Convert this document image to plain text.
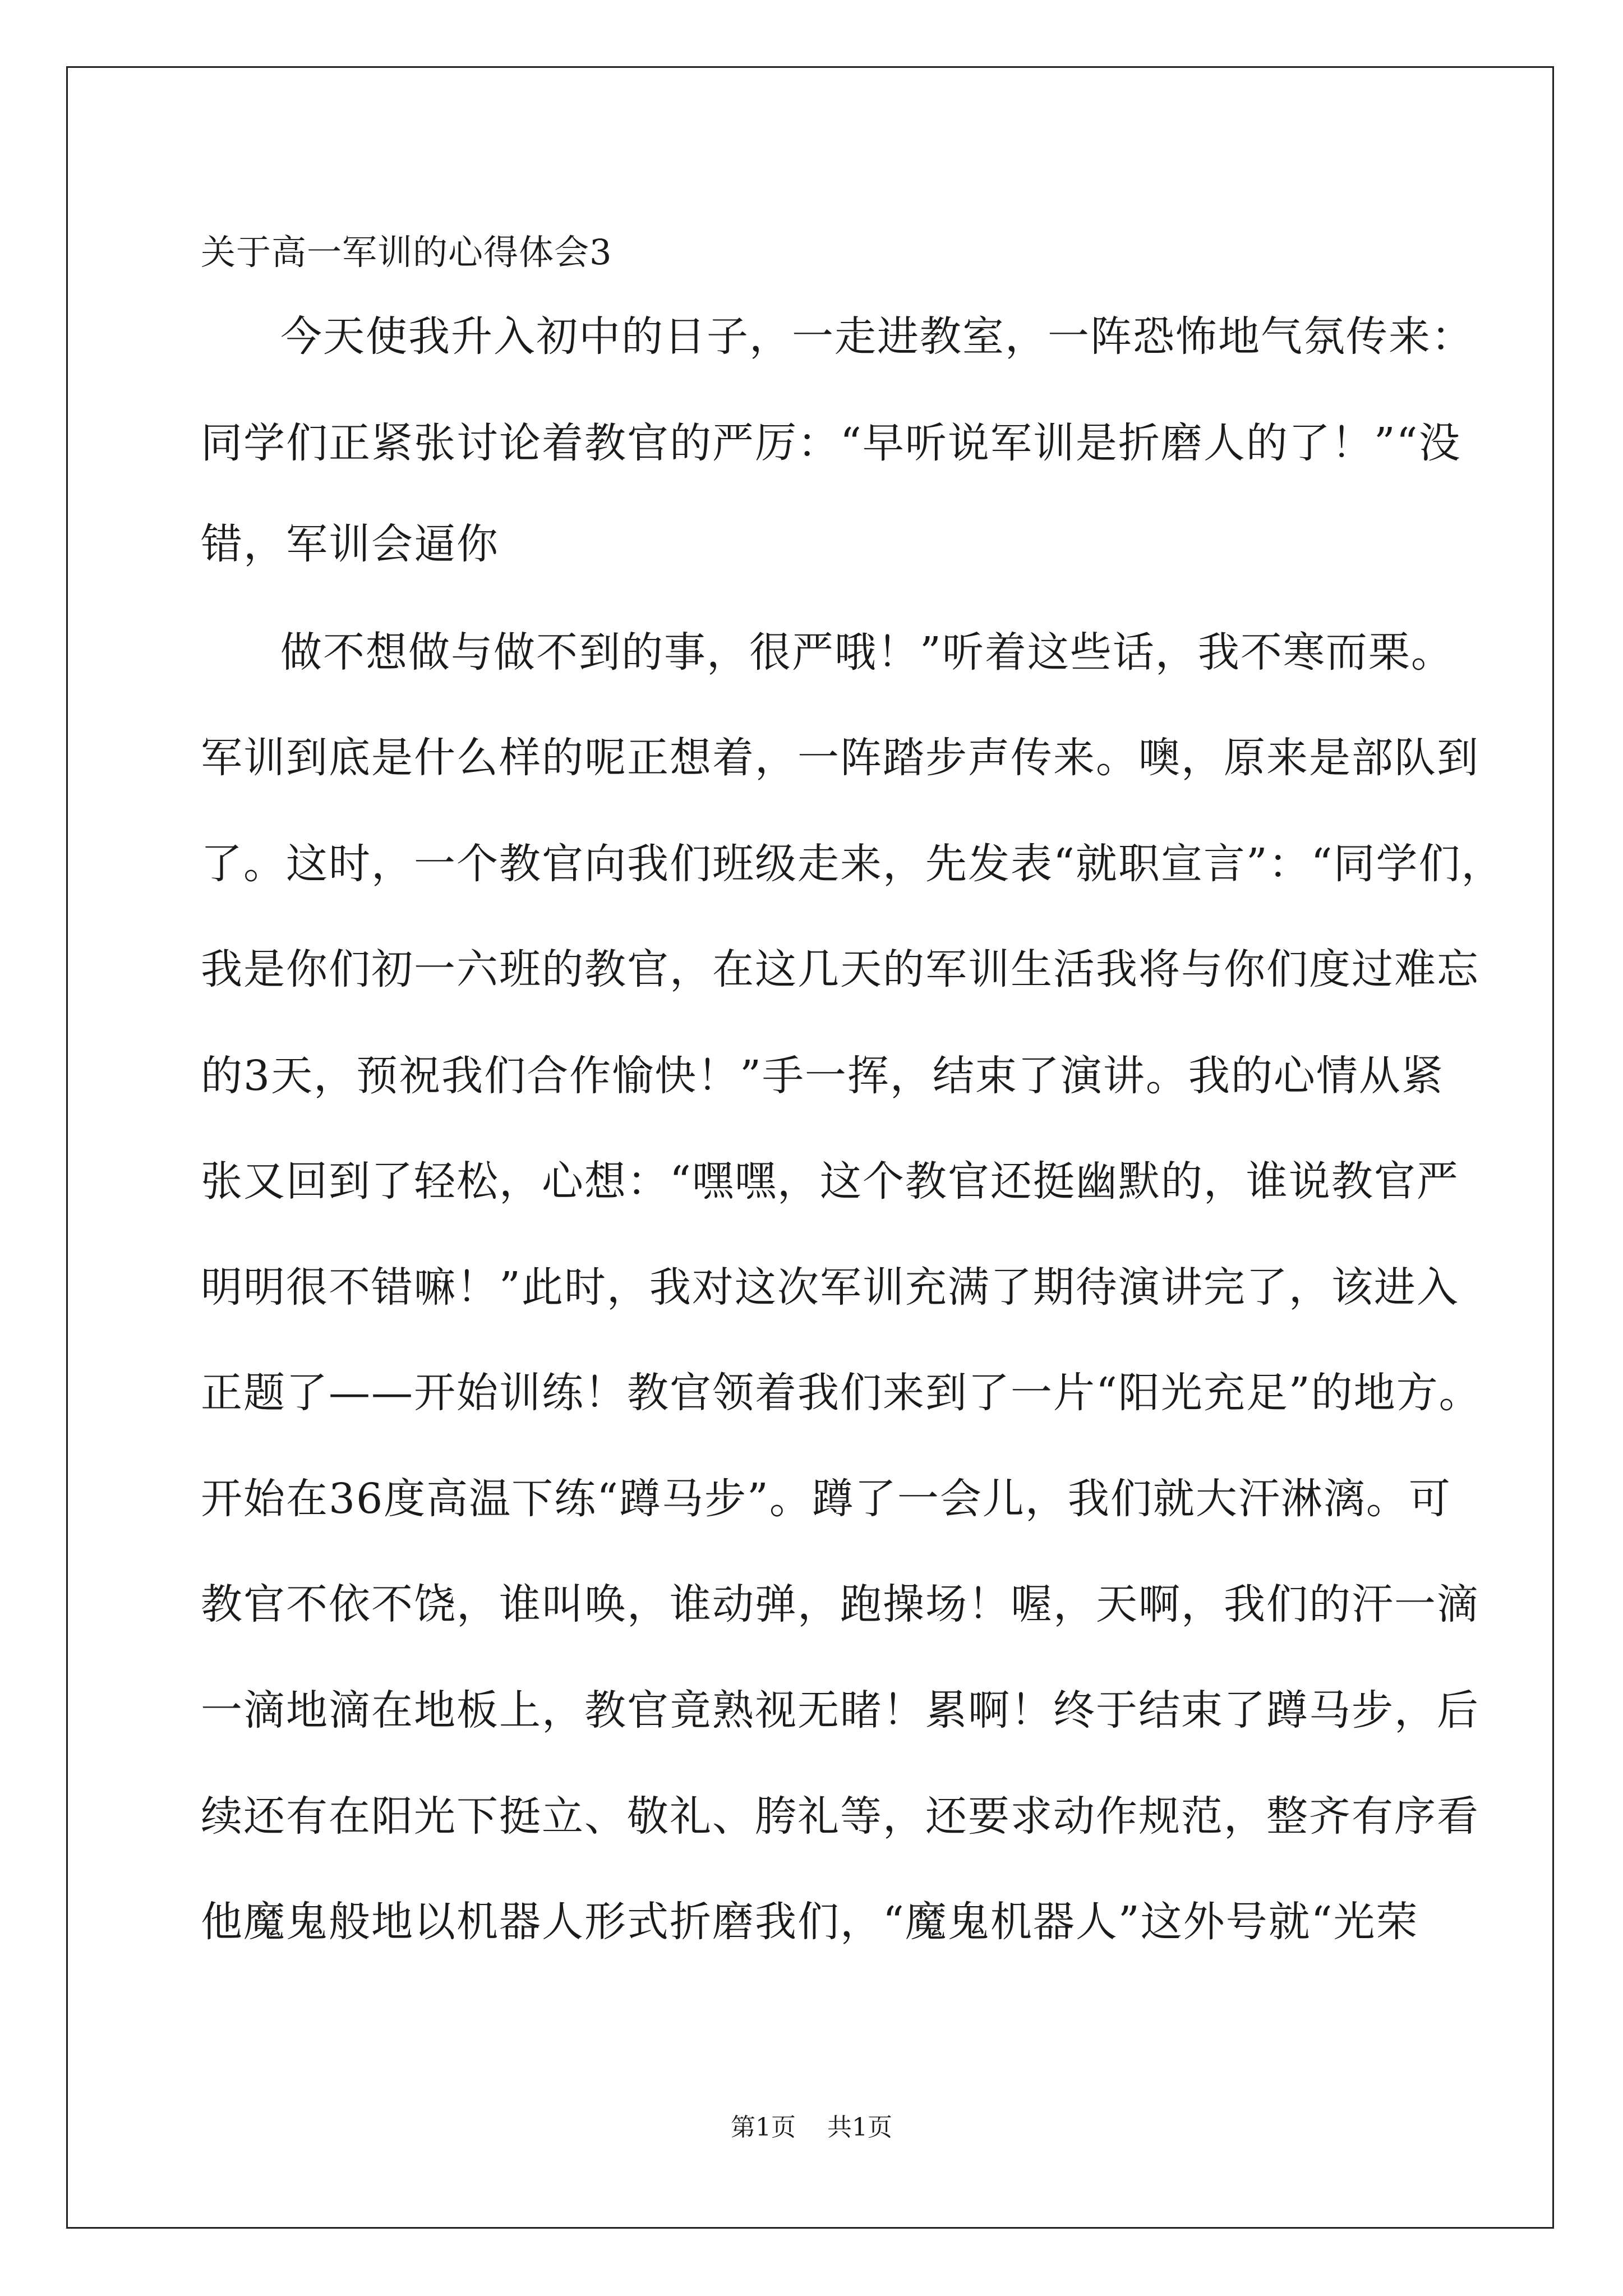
关于高一军训的心得体会3

今天使我升入初中的日子，一走进教室，一阵恐怖地气氛传来：

同学们正紧张讨论着教官的严厉：“早听说军训是折磨人的了！”“没

错，军训会逼你

做不想做与做不到的事，很严哦！”听着这些话，我不寒而栗。

军训到底是什么样的呢正想着，一阵踏步声传来。噢，原来是部队到

了。这时，一个教官向我们班级走来，先发表“就职宣言”：“同学们，

我是你们初一六班的教官，在这几天的军训生活我将与你们度过难忘

的3天，预祝我们合作愉快！”手一挥，结束了演讲。我的心情从紧

张又回到了轻松，心想：“嘿嘿，这个教官还挺幽默的，谁说教官严

明明很不错嘛！”此时，我对这次军训充满了期待演讲完了，该进入

正题了——开始训练！教官领着我们来到了一片“阳光充足”的地方。

开始在36度高温下练“蹲马步”。蹲了一会儿，我们就大汗淋漓。可

教官不依不饶，谁叫唤，谁动弹，跑操场！喔，天啊，我们的汗一滴

一滴地滴在地板上，教官竟熟视无睹！累啊！终于结束了蹲马步，后

续还有在阳光下挺立、敬礼、胯礼等，还要求动作规范，整齐有序看

他魔鬼般地以机器人形式折磨我们，“魔鬼机器人”这外号就“光荣

第1页 共1页
